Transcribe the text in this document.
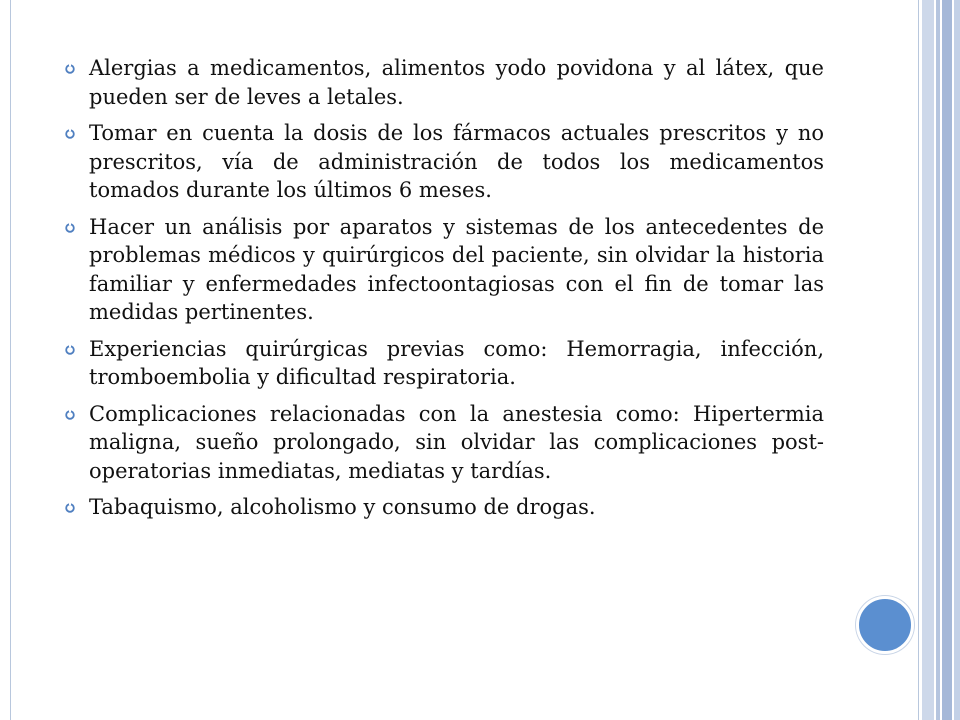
Alergias a medicamentos, alimentos yodo povidona y al látex, que pueden ser de leves a letales.
Tomar en cuenta la dosis de los fármacos actuales prescritos y no prescritos, vía de administración de todos los medicamentos tomados durante los últimos 6 meses.
Hacer un análisis por aparatos y sistemas de los antecedentes de problemas médicos y quirúrgicos del paciente, sin olvidar la historia familiar y enfermedades infectoontagiosas con el fin de tomar las medidas pertinentes.
Experiencias quirúrgicas previas como: Hemorragia, infección, tromboembolia y dificultad respiratoria.
Complicaciones relacionadas con la anestesia como: Hipertermia maligna, sueño prolongado, sin olvidar las complicaciones post-operatorias inmediatas, mediatas y tardías.
Tabaquismo, alcoholismo y consumo de drogas.
